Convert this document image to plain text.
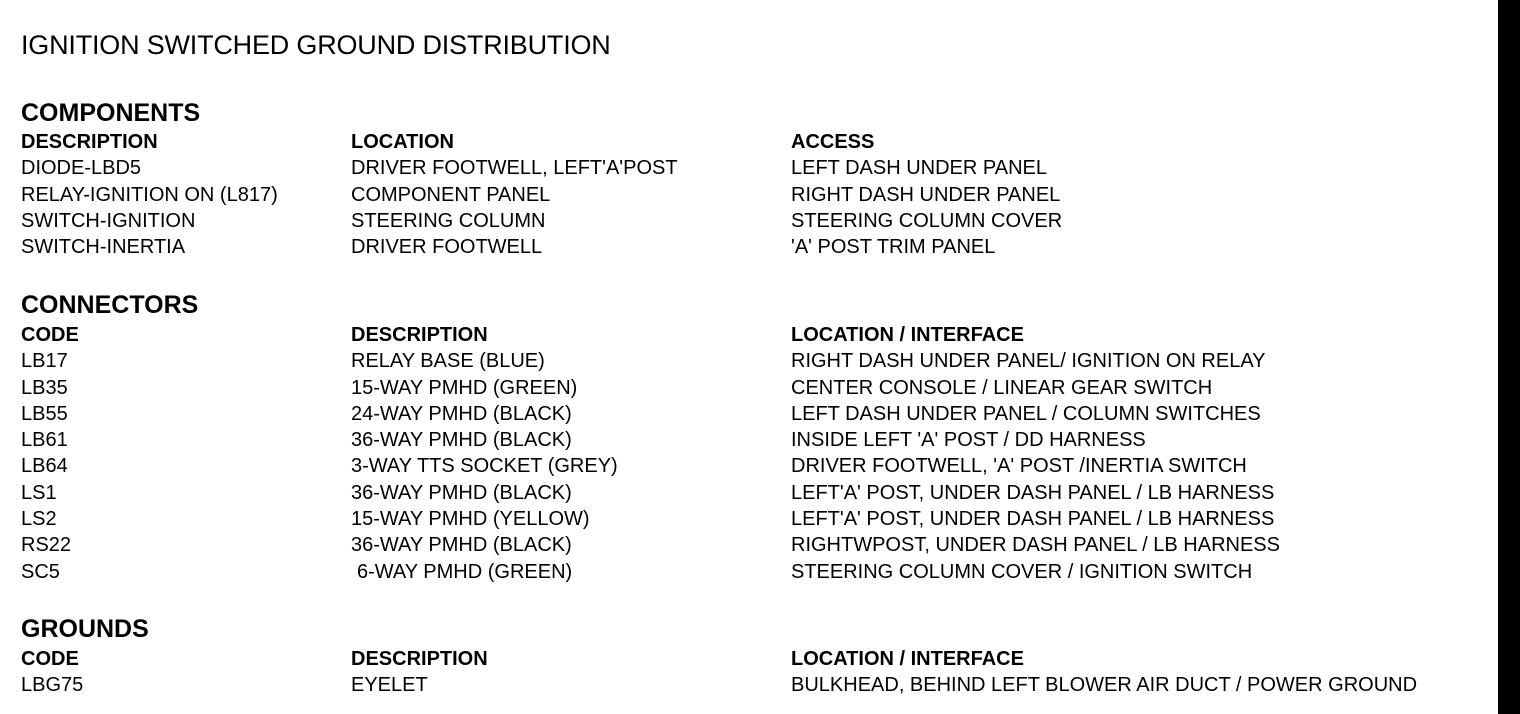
IGNITION SWITCHED GROUND DISTRIBUTION
COMPONENTS
DESCRIPTION	LOCATION	ACCESS
DIODE-LBD5	DRIVER FOOTWELL, LEFT'A'POST	LEFT DASH UNDER PANEL
RELAY-IGNITION ON (L817)	COMPONENT PANEL	RIGHT DASH UNDER PANEL
SWITCH-IGNITION	STEERING COLUMN	STEERING COLUMN COVER
SWITCH-INERTIA	DRIVER FOOTWELL	'A' POST TRIM PANEL
CONNECTORS
CODE	DESCRIPTION	LOCATION / INTERFACE
LB17	RELAY BASE (BLUE)	RIGHT DASH UNDER PANEL/ IGNITION ON RELAY
LB35	15-WAY PMHD (GREEN)	CENTER CONSOLE / LINEAR GEAR SWITCH
LB55	24-WAY PMHD (BLACK)	LEFT DASH UNDER PANEL / COLUMN SWITCHES
LB61	36-WAY PMHD (BLACK)	INSIDE LEFT 'A' POST / DD HARNESS
LB64	3-WAY TTS SOCKET (GREY)	DRIVER FOOTWELL, 'A' POST /INERTIA SWITCH
LS1	36-WAY PMHD (BLACK)	LEFT'A' POST, UNDER DASH PANEL / LB HARNESS
LS2	15-WAY PMHD (YELLOW)	LEFT'A' POST, UNDER DASH PANEL / LB HARNESS
RS22	36-WAY PMHD (BLACK)	RIGHTWPOST, UNDER DASH PANEL / LB HARNESS
SC5	6-WAY PMHD (GREEN)	STEERING COLUMN COVER / IGNITION SWITCH
GROUNDS
CODE	DESCRIPTION	LOCATION / INTERFACE
LBG75	EYELET	BULKHEAD, BEHIND LEFT BLOWER AIR DUCT / POWER GROUND
